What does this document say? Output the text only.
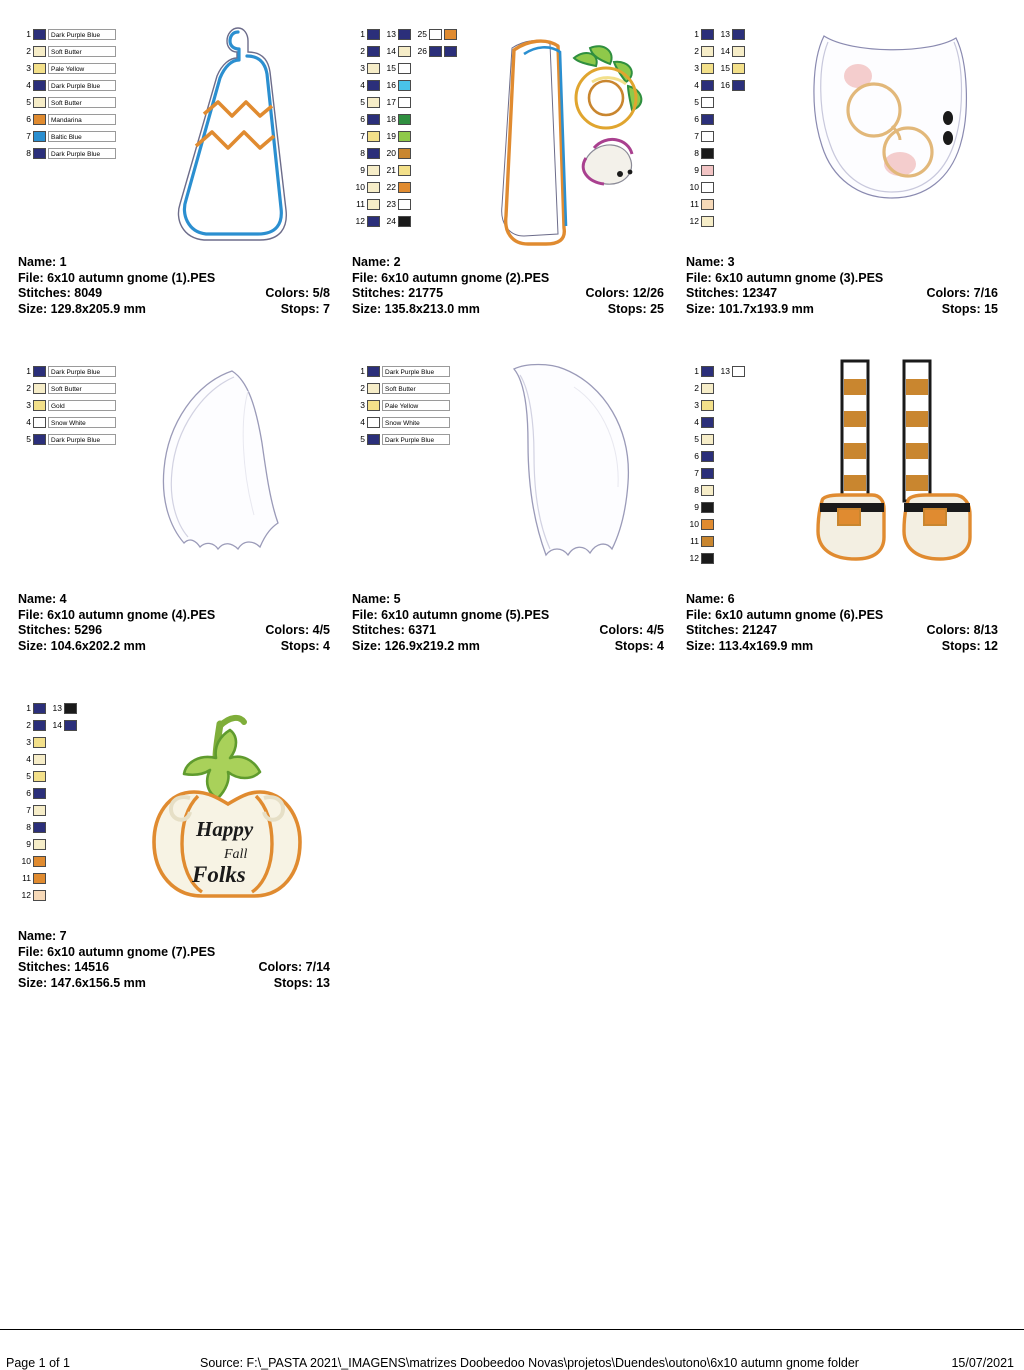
1	Dark Purple Blue
2	Soft Butter
3	Pale Yellow
4	Dark Purple Blue
5	Soft Butter
6	Mandarina
7	Baltic Blue
8	Dark Purple Blue
Name: 1
File: 6x10 autumn gnome (1).PES
Stitches: 8049	Colors: 5/8
Size: 129.8x205.9 mm	Stops: 7
1
2
3
4
5
6
7
8
9
10
11
12
13
14
15
16
17
18
19
20
21
22
23
24
25
26
Name: 2
File: 6x10 autumn gnome (2).PES
Stitches: 21775	Colors: 12/26
Size: 135.8x213.0 mm	Stops: 25
1
2
3
4
5
6
7
8
9
10
11
12
13
14
15
16
Name: 3
File: 6x10 autumn gnome (3).PES
Stitches: 12347	Colors: 7/16
Size: 101.7x193.9 mm	Stops: 15
1	Dark Purple Blue
2	Soft Butter
3	Gold
4	Snow White
5	Dark Purple Blue
Name: 4
File: 6x10 autumn gnome (4).PES
Stitches: 5296	Colors: 4/5
Size: 104.6x202.2 mm	Stops: 4
1	Dark Purple Blue
2	Soft Butter
3	Pale Yellow
4	Snow White
5	Dark Purple Blue
Name: 5
File: 6x10 autumn gnome (5).PES
Stitches: 6371	Colors: 4/5
Size: 126.9x219.2 mm	Stops: 4
1
2
3
4
5
6
7
8
9
10
11
12
13
Name: 6
File: 6x10 autumn gnome (6).PES
Stitches: 21247	Colors: 8/13
Size: 113.4x169.9 mm	Stops: 12
1
2
3
4
5
6
7
8
9
10
11
12
13
14
Happy
Fall
Folks
Name: 7
File: 6x10 autumn gnome (7).PES
Stitches: 14516	Colors: 7/14
Size: 147.6x156.5 mm	Stops: 13
Page 1 of 1	Source: F:\_PASTA 2021\_IMAGENS\matrizes Doobeedoo Novas\projetos\Duendes\outono\6x10 autumn gnome folder	15/07/2021
